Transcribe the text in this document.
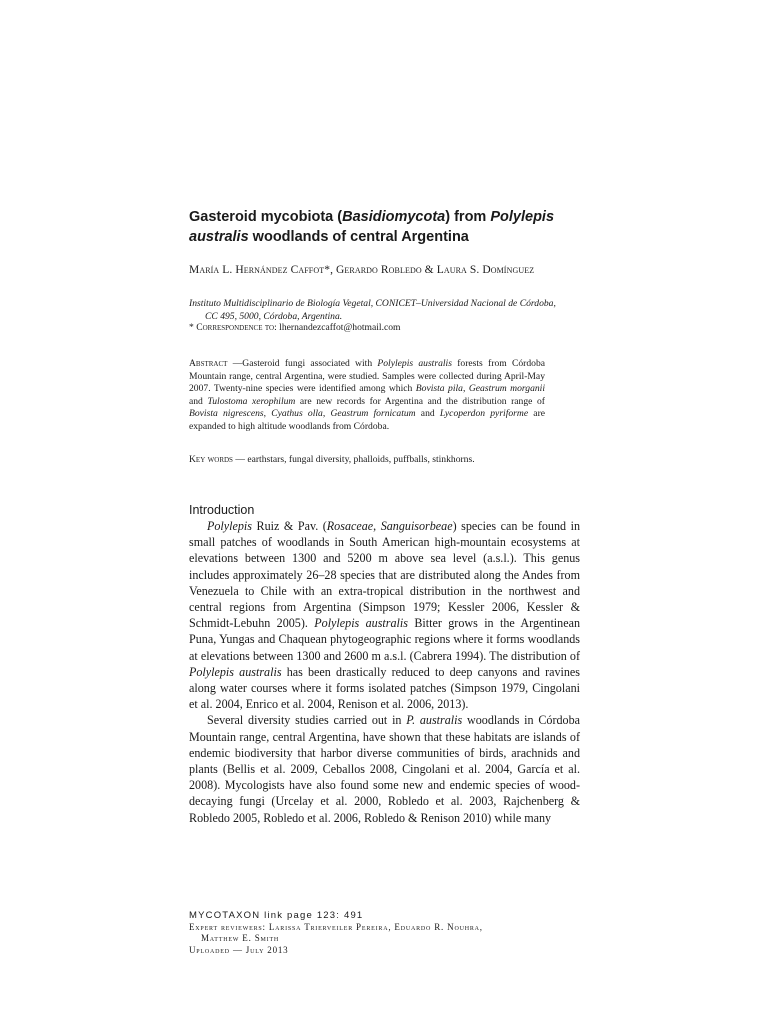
Gasteroid mycobiota (Basidiomycota) from Polylepis australis woodlands of central Argentina
María L. Hernández Caffot*, Gerardo Robledo & Laura S. Domínguez
Instituto Multidisciplinario de Biología Vegetal, CONICET–Universidad Nacional de Córdoba,
CC 495, 5000, Córdoba, Argentina.
* Correspondence to: lhernandezcaffot@hotmail.com
Abstract —Gasteroid fungi associated with Polylepis australis forests from Córdoba Mountain range, central Argentina, were studied. Samples were collected during April-May 2007. Twenty-nine species were identified among which Bovista pila, Geastrum morganii and Tulostoma xerophilum are new records for Argentina and the distribution range of Bovista nigrescens, Cyathus olla, Geastrum fornicatum and Lycoperdon pyriforme are expanded to high altitude woodlands from Córdoba.
Key words — earthstars, fungal diversity, phalloids, puffballs, stinkhorns.
Introduction

Polylepis Ruiz & Pav. (Rosaceae, Sanguisorbeae) species can be found in small patches of woodlands in South American high-mountain ecosystems at elevations between 1300 and 5200 m above sea level (a.s.l.). This genus includes approximately 26–28 species that are distributed along the Andes from Venezuela to Chile with an extra-tropical distribution in the northwest and central regions from Argentina (Simpson 1979; Kessler 2006, Kessler & Schmidt-Lebuhn 2005). Polylepis australis Bitter grows in the Argentinean Puna, Yungas and Chaquean phytogeographic regions where it forms woodlands at elevations between 1300 and 2600 m a.s.l. (Cabrera 1994). The distribution of Polylepis australis has been drastically reduced to deep canyons and ravines along water courses where it forms isolated patches (Simpson 1979, Cingolani et al. 2004, Enrico et al. 2004, Renison et al. 2006, 2013).

Several diversity studies carried out in P. australis woodlands in Córdoba Mountain range, central Argentina, have shown that these habitats are islands of endemic biodiversity that harbor diverse communities of birds, arachnids and plants (Bellis et al. 2009, Ceballos 2008, Cingolani et al. 2004, García et al. 2008). Mycologists have also found some new and endemic species of wood-decaying fungi (Urcelay et al. 2000, Robledo et al. 2003, Rajchenberg & Robledo 2005, Robledo et al. 2006, Robledo & Renison 2010) while many

MYCOTAXON link page 123: 491
Expert reviewers: Larissa Trierveiler Pereira, Eduardo R. Nouhra,
Matthew E. Smith
Uploaded — July 2013
